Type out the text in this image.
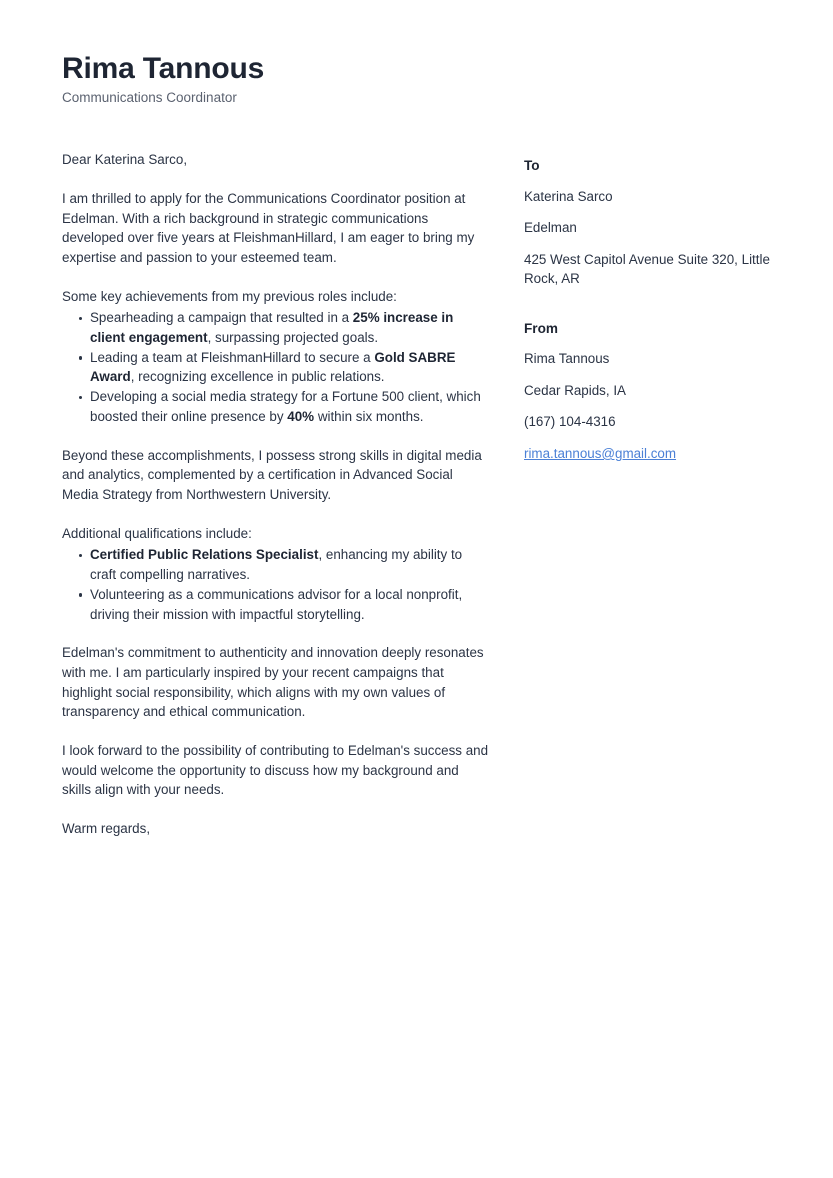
Rima Tannous
Communications Coordinator

Dear Katerina Sarco,

I am thrilled to apply for the Communications Coordinator position at Edelman. With a rich background in strategic communications developed over five years at FleishmanHillard, I am eager to bring my expertise and passion to your esteemed team.

Some key achievements from my previous roles include:

Spearheading a campaign that resulted in a 25% increase in client engagement, surpassing projected goals.
Leading a team at FleishmanHillard to secure a Gold SABRE Award, recognizing excellence in public relations.
Developing a social media strategy for a Fortune 500 client, which boosted their online presence by 40% within six months.

Beyond these accomplishments, I possess strong skills in digital media and analytics, complemented by a certification in Advanced Social Media Strategy from Northwestern University.

Additional qualifications include:

Certified Public Relations Specialist, enhancing my ability to craft compelling narratives.
Volunteering as a communications advisor for a local nonprofit, driving their mission with impactful storytelling.

Edelman's commitment to authenticity and innovation deeply resonates with me. I am particularly inspired by your recent campaigns that highlight social responsibility, which aligns with my own values of transparency and ethical communication.

I look forward to the possibility of contributing to Edelman's success and would welcome the opportunity to discuss how my background and skills align with your needs.

Warm regards,

To
Katerina Sarco
Edelman
425 West Capitol Avenue Suite 320, Little Rock, AR
From
Rima Tannous
Cedar Rapids, IA
(167) 104-4316
rima.tannous@gmail.com
